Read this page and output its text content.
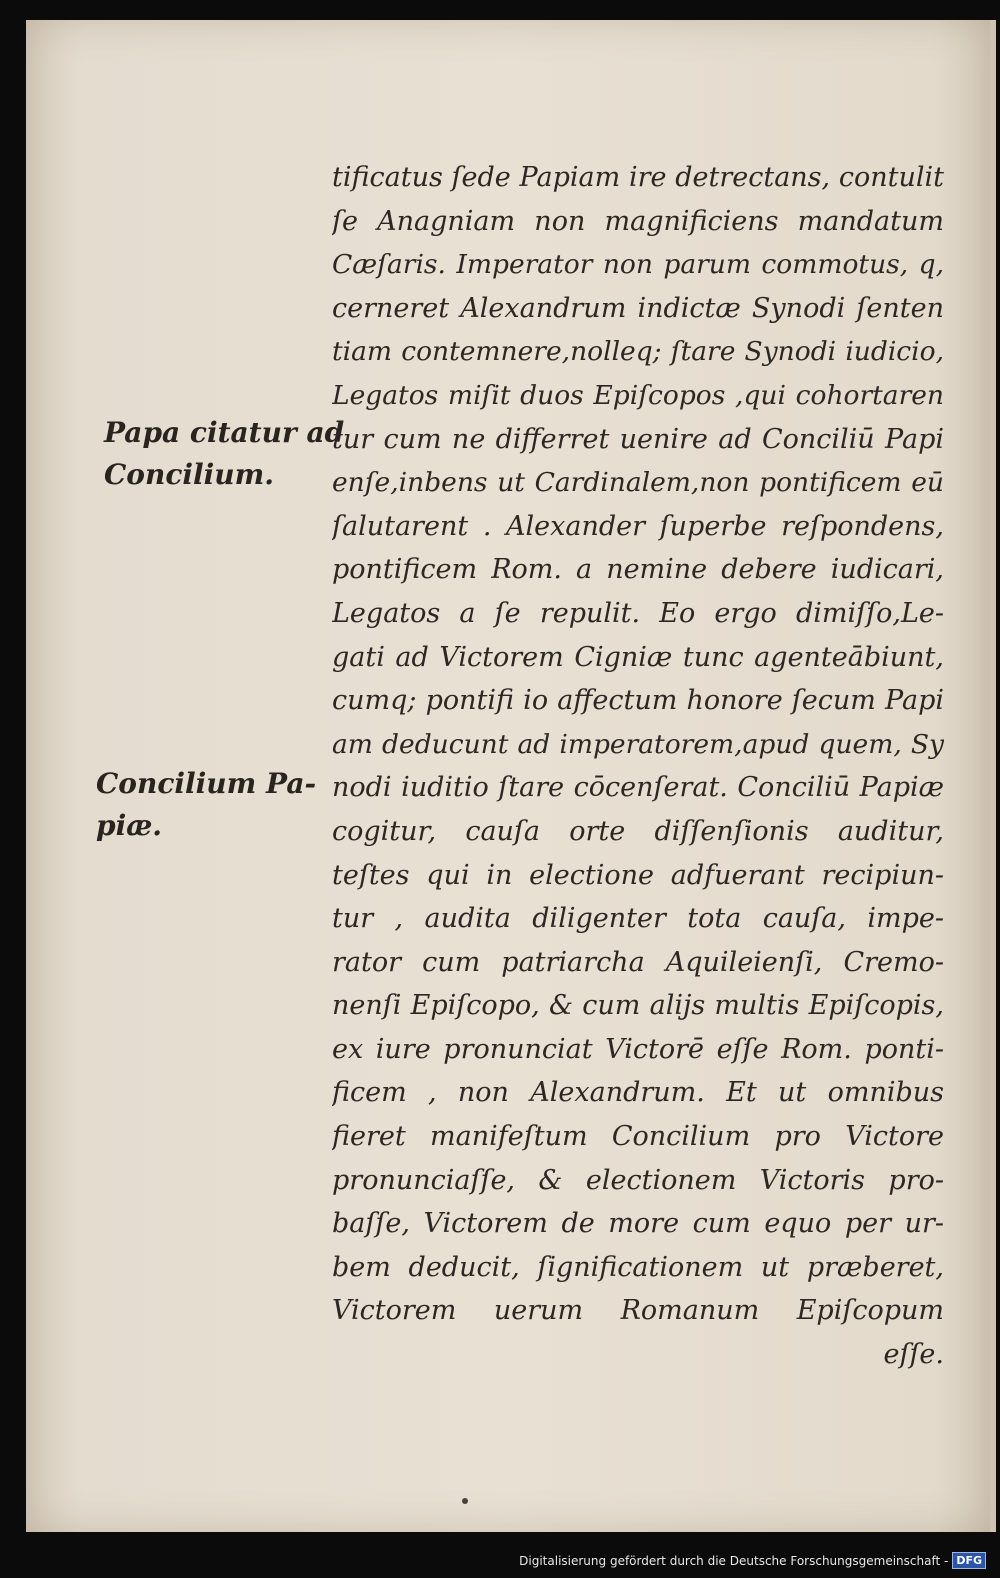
Papa citatur ad
Concilium.
Concilium Pa-
piæ.
tificatus ſede Papiam ire detrectans, contulit
ſe Anagniam non magnificiens mandatum
Cæſaris. Imperator non parum commotus, q,
cerneret Alexandrum indictæ Synodi ſenten
tiam contemnere,nolleq; ſtare Synodi iudicio,
Legatos miſit duos Epiſcopos ,qui cohortaren
tur cum ne differret uenire ad Conciliū Papi
enſe,inbens ut Cardinalem,non pontificem eū
ſalutarent . Alexander ſuperbe reſpondens,
pontificem Rom. a nemine debere iudicari,
Legatos a ſe repulit. Eo ergo dimiſſo,Le-
gati ad Victorem Cigniæ tunc agenteābiunt,
cumq; pontifi io affectum honore ſecum Papi
am deducunt ad imperatorem,apud quem, Sy
nodi iuditio ſtare cōcenſerat. Conciliū Papiæ
cogitur, cauſa orte diſſenſionis auditur,
teſtes qui in electione adfuerant recipiun-
tur , audita diligenter tota cauſa, impe-
rator cum patriarcha Aquileienſi, Cremo-
nenſi Epiſcopo, & cum alijs multis Epiſcopis,
ex iure pronunciat Victorē eſſe Rom. ponti-
ficem , non Alexandrum. Et ut omnibus
fieret manifeſtum Concilium pro Victore
pronunciaſſe, & electionem Victoris pro-
baſſe, Victorem de more cum equo per ur-
bem deducit, ſignificationem ut præberet,
Victorem uerum Romanum Epiſcopum
eſſe.
Digitalisierung gefördert durch die Deutsche Forschungsgemeinschaft - DFG
